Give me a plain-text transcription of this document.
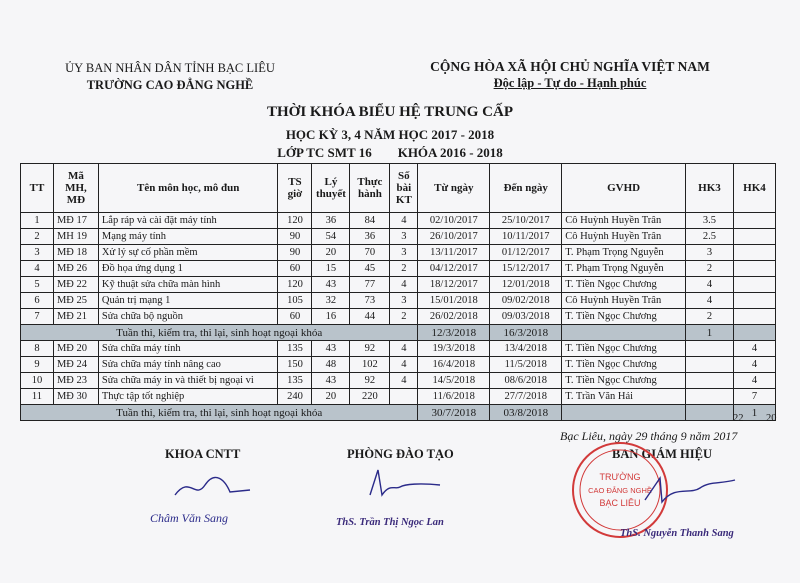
ỦY BAN NHÂN DÂN TỈNH BẠC LIÊU
TRƯỜNG CAO ĐẲNG NGHỀ
CỘNG HÒA XÃ HỘI CHỦ NGHĨA VIỆT NAM
Độc lập - Tự do - Hạnh phúc
THỜI KHÓA BIỂU HỆ TRUNG CẤP
HỌC KỲ 3, 4 NĂM HỌC 2017 - 2018
LỚP TC SMT 16        KHÓA 2016 - 2018
TT	Mã MH, MĐ	Tên môn học, mô đun	TS giờ	Lý thuyết	Thực hành	Số bài KT	Từ ngày	Đến ngày	GVHD	HK3	HK4
1	MĐ 17	Lắp ráp và cài đặt máy tính	120	36	84	4	02/10/2017	25/10/2017	Cô Huỳnh Huyền Trân	3.5	
2	MH 19	Mạng máy tính	90	54	36	3	26/10/2017	10/11/2017	Cô Huỳnh Huyền Trân	2.5	
3	MĐ 18	Xử lý sự cố phần mềm	90	20	70	3	13/11/2017	01/12/2017	T. Phạm Trọng Nguyễn	3	
4	MĐ 26	Đồ họa ứng dụng 1	60	15	45	2	04/12/2017	15/12/2017	T. Phạm Trọng Nguyễn	2	
5	MĐ 22	Kỹ thuật sửa chữa màn hình	120	43	77	4	18/12/2017	12/01/2018	T. Tiền Ngọc Chương	4	
6	MĐ 25	Quản trị mạng 1	105	32	73	3	15/01/2018	09/02/2018	Cô Huỳnh Huyền Trân	4	
7	MĐ 21	Sửa chữa bộ nguồn	60	16	44	2	26/02/2018	09/03/2018	T. Tiền Ngọc Chương	2	
Tuần thi, kiểm tra, thi lại, sinh hoạt ngoại khóa							12/3/2018	16/3/2018		1	
8	MĐ 20	Sửa chữa máy tính	135	43	92	4	19/3/2018	13/4/2018	T. Tiền Ngọc Chương		4
9	MĐ 24	Sửa chữa máy tính nâng cao	150	48	102	4	16/4/2018	11/5/2018	T. Tiền Ngọc Chương		4
10	MĐ 23	Sửa chữa máy in và thiết bị ngoại vi	135	43	92	4	14/5/2018	08/6/2018	T. Tiền Ngọc Chương		4
11	MĐ 30	Thực tập tốt nghiệp	240	20	220		11/6/2018	27/7/2018	T. Trần Văn Hải		7
Tuần thi, kiểm tra, thi lại, sinh hoạt ngoại khóa							30/7/2018	03/8/2018			1
22 20
Bạc Liêu, ngày 29 tháng 9 năm 2017
KHOA CNTT	PHÒNG ĐÀO TẠO	BAN GIÁM HIỆU
Châm Văn Sang	ThS. Trần Thị Ngọc Lan
TRƯỜNG
CAO ĐẲNG NGHỀ
BẠC LIÊU
ThS. Nguyễn Thanh Sang
